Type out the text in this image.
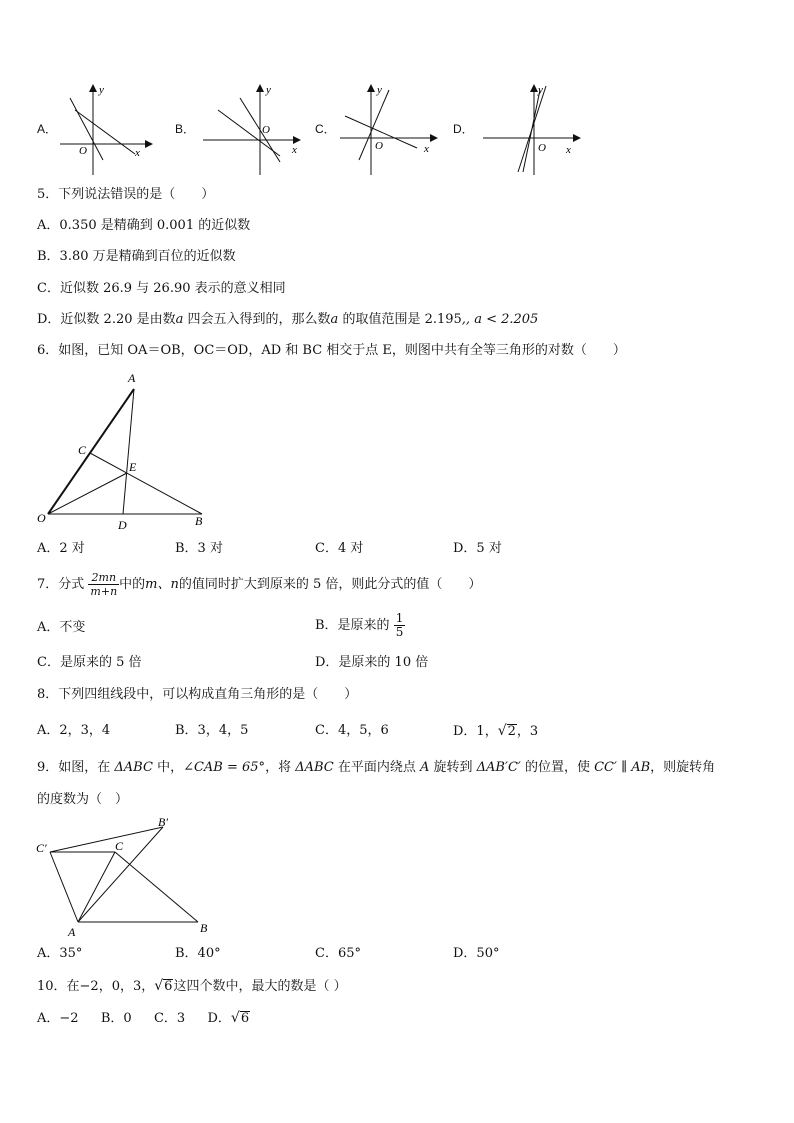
A．
y
x
O
B．
y
x
O	C．
y
x
O
D．
y
x
O
5．下列说法错误的是（　　）
A．0.350 是精确到 0.001 的近似数
B．3.80 万是精确到百位的近似数
C．近似数 26.9 与 26.90 表示的意义相同
D．近似数 2.20 是由数a 四会五入得到的，那么数a 的取值范围是 2.195,, a < 2.205
6．如图，已知 OA＝OB，OC＝OD，AD 和 BC 相交于点 E，则图中共有全等三角形的对数（　　）
A
C
E
O	D	B
A．2 对	B．3 对	C．4 对	D．5 对
7．分式 $\frac{2mn}{m+n}$ 中的m、n的值同时扩大到原来的 5 倍，则此分式的值（　　）
A．不变	B．是原来的 $\frac{1}{5}$
C．是原来的 5 倍	D．是原来的 10 倍
8．下列四组线段中，可以构成直角三角形的是（　　）
A．2，3，4	B．3，4，5	C．4，5，6	D．1，√2，3
9．如图，在 ΔABC 中，∠CAB = 65°，将 ΔABC 在平面内绕点 A 旋转到 ΔAB′C′ 的位置，使 CC′ ∥ AB，则旋转角
的度数为（　）
B′
C′	C
A	B
A．35°	B．40°	C．65°	D．50°
10．在−2，0，3，√6这四个数中，最大的数是（ ）
A．−2 B．0 C．3 D．√6
